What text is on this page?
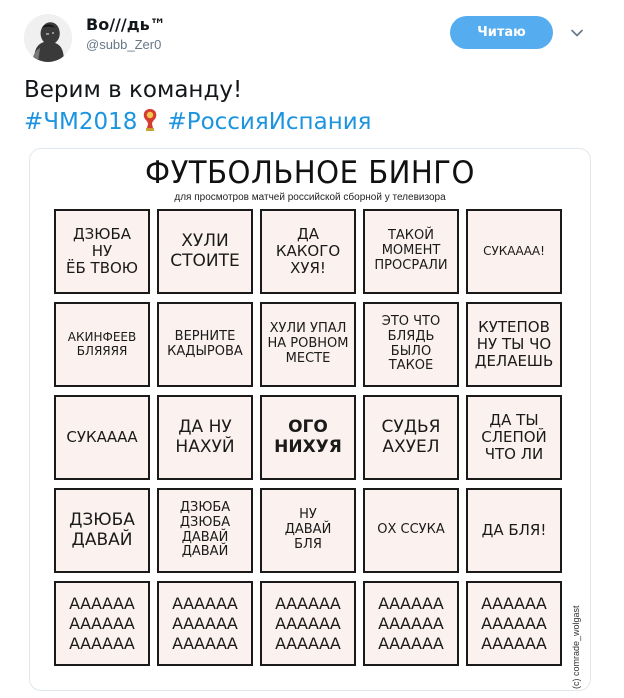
Во///дь™
@subb_Zer0
Читаю
Верим в команду!
#ЧМ2018 #РоссияИспания
ФУТБОЛЬНОЕ БИНГО
для просмотров матчей российской сборной у телевизора
ДЗЮБА
НУ
ЁБ ТВОЮ
ХУЛИ
СТОИТЕ
ДА
КАКОГО
ХУЯ!
ТАКОЙ
МОМЕНТ
ПРОСРАЛИ
СУКАААА!
АКИНФЕЕВ
БЛЯЯЯЯ
ВЕРНИТЕ
КАДЫРОВА
ХУЛИ УПАЛ
НА РОВНОМ
МЕСТЕ
ЭТО ЧТО
БЛЯДЬ
БЫЛО
ТАКОЕ
КУТЕПОВ
НУ ТЫ ЧО
ДЕЛАЕШЬ
СУКАААА	ДА НУ
НАХУЙ
ОГО
НИХУЯ
СУДЬЯ
АХУЕЛ
ДА ТЫ
СЛЕПОЙ
ЧТО ЛИ
ДЗЮБА
ДАВАЙ
ДЗЮБА
ДЗЮБА
ДАВАЙ
ДАВАЙ
НУ
ДАВАЙ
БЛЯ
ОХ ССУКА	ДА БЛЯ!
АААААА
АААААА
АААААА
АААААА
АААААА
АААААА
АААААА
АААААА
АААААА
АААААА
АААААА
АААААА
АААААА
АААААА
АААААА	(c) comrade_wolgast
